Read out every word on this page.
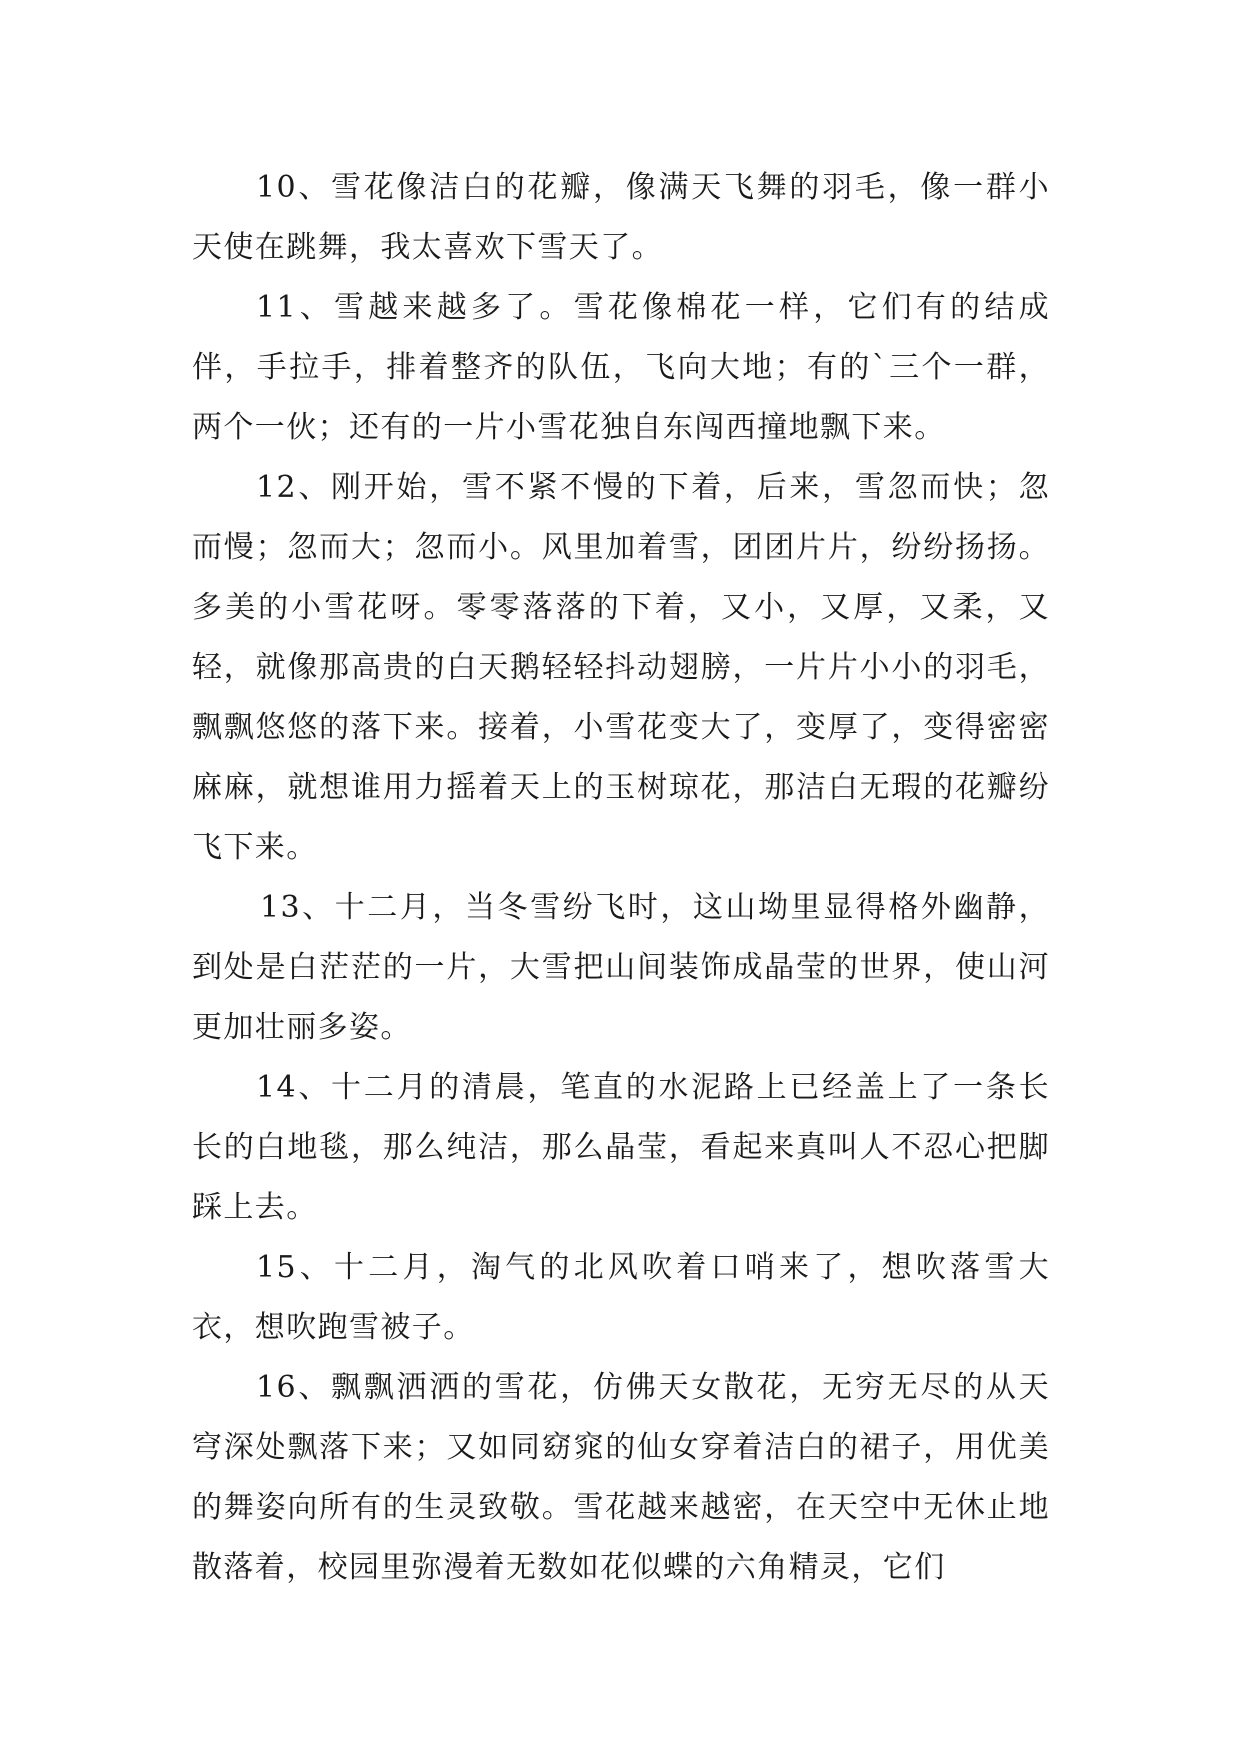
10、雪花像洁白的花瓣，像满天飞舞的羽毛，像一群小天使在跳舞，我太喜欢下雪天了。

11、雪越来越多了。雪花像棉花一样，它们有的结成伴，手拉手，排着整齐的队伍，飞向大地；有的`三个一群，两个一伙；还有的一片小雪花独自东闯西撞地飘下来。

12、刚开始，雪不紧不慢的下着，后来，雪忽而快；忽而慢；忽而大；忽而小。风里加着雪，团团片片，纷纷扬扬。多美的小雪花呀。零零落落的下着，又小，又厚，又柔，又轻，就像那高贵的白天鹅轻轻抖动翅膀，一片片小小的羽毛，飘飘悠悠的落下来。接着，小雪花变大了，变厚了，变得密密麻麻，就想谁用力摇着天上的玉树琼花，那洁白无瑕的花瓣纷飞下来。

13、十二月，当冬雪纷飞时，这山坳里显得格外幽静，到处是白茫茫的一片，大雪把山间装饰成晶莹的世界，使山河更加壮丽多姿。

14、十二月的清晨，笔直的水泥路上已经盖上了一条长长的白地毯，那么纯洁，那么晶莹，看起来真叫人不忍心把脚踩上去。

15、十二月，淘气的北风吹着口哨来了，想吹落雪大衣，想吹跑雪被子。

16、飘飘洒洒的雪花，仿佛天女散花，无穷无尽的从天穹深处飘落下来；又如同窈窕的仙女穿着洁白的裙子，用优美的舞姿向所有的生灵致敬。雪花越来越密，在天空中无休止地散落着，校园里弥漫着无数如花似蝶的六角精灵，它们
